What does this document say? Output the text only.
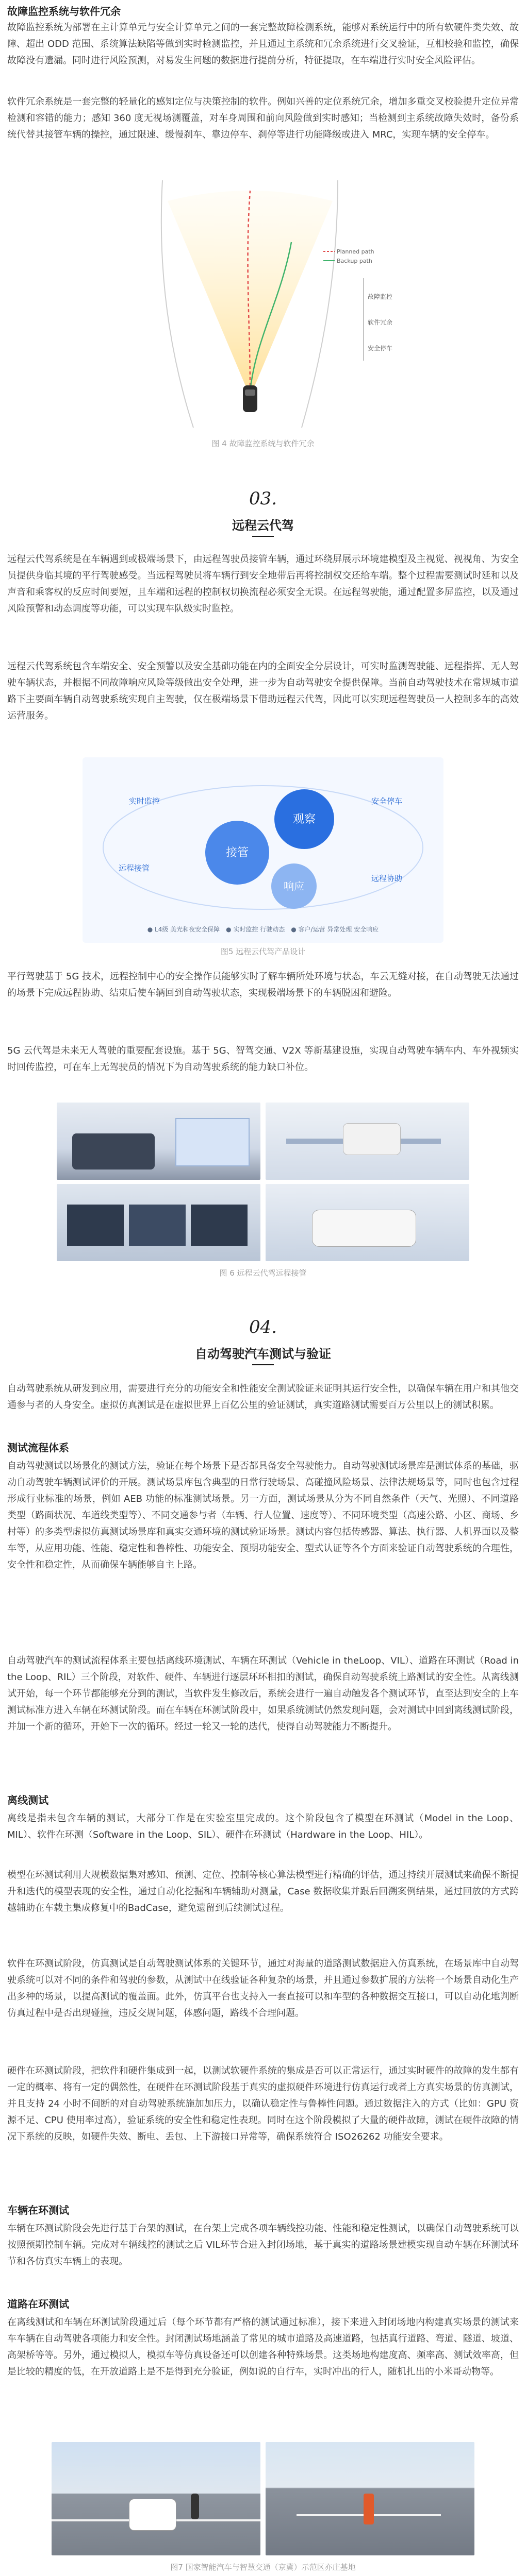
故障监控系统与软件冗余

故障监控系统为部署在主计算单元与安全计算单元之间的一套完整故障检测系统，能够对系统运行中的所有软硬件类失效、故障、超出 ODD 范围、系统算法缺陷等做到实时检测监控，并且通过主系统和冗余系统进行交叉验证，互相校验和监控，确保故障没有遗漏。同时进行风险预测，对易发生问题的数据进行提前分析，特征提取，在车端进行实时安全风险评估。

软件冗余系统是一套完整的轻量化的感知定位与决策控制的软件。例如兴善的定位系统冗余，增加多重交叉校验提升定位异常检测和容错的能力；感知 360 度无视场测覆盖，对车身周围和前向风险做到实时感知；当检测到主系统故障失效时，备份系统代替其接管车辆的操控，通过限速、缓慢刹车、靠边停车、刹停等进行功能降级或进入 MRC，实现车辆的安全停车。

Planned path
Backup path
故障监控
软件冗余
安全停车

图 4 故障监控系统与软件冗余

03.

远程云代驾

远程云代驾系统是在车辆遇到或极端场景下，由远程驾驶员接管车辆，通过环绕屏展示环境建模型及主视觉、视视角、为安全员提供身临其境的平行驾驶感受。当远程驾驶员将车辆行到安全地带后再将控制权交还给车端。整个过程需要测试时延和以及声音和乘客权的反应时间要短，且车端和远程的控制权切换流程必须安全无误。在远程驾驶能，通过配置多屏监控，以及通过风险预警和动态调度等功能，可以实现车队级实时监控。

远程云代驾系统包含车端安全、安全预警以及安全基础功能在内的全面安全分层设计，可实时监测驾驶能、远程指挥、无人驾驶车辆状态，并根据不同故障响应风险等级做出安全处理，进一步为自动驾驶安全提供保障。当前自动驾驶技术在常规城市道路下主要面车辆自动驾驶系统实现自主驾驶，仅在极端场景下借助远程云代驾，因此可以实现远程驾驶员一人控制多车的高效运营服务。

观察
接管
响应
实时监控
远程接管
安全停车
远程协助
● L4级 美光和夜安全保障　● 实时监控 行驶动态　● 客户/运营 异常处理 安全响应

图5 远程云代驾产品设计

平行驾驶基于 5G 技术，远程控制中心的安全操作员能够实时了解车辆所处环境与状态，车云无缝对接，在自动驾驶无法通过的场景下完成远程协助、结束后使车辆回到自动驾驶状态，实现极端场景下的车辆脱困和避险。

5G 云代驾是未来无人驾驶的重要配套设施。基于 5G、智驾交通、V2X 等新基建设施，实现自动驾驶车辆车内、车外视频实时回传监控，可在车上无驾驶员的情况下为自动驾驶系统的能力缺口补位。

图 6 远程云代驾远程接管

04.

自动驾驶汽车测试与验证

自动驾驶系统从研发到应用，需要进行充分的功能安全和性能安全测试验证来证明其运行安全性，以确保车辆在用户和其他交通参与者的人身安全。虚拟仿真测试是在虚拟世界上百亿公里的验证测试，真实道路测试需要百万公里以上的测试积累。

测试流程体系

自动驾驶测试以场景化的测试方法，验证在每个场景下是否都具备安全驾驶能力。自动驾驶测试场景库是测试体系的基础，驱动自动驾驶车辆测试评价的开展。测试场景库包含典型的日常行驶场景、高碰撞风险场景、法律法规场景等，同时也包含过程形成行业标准的场景，例如 AEB 功能的标准测试场景。另一方面，测试场景从分为不同自然条件（天气、光照）、不同道路类型（路面状况、车道线类型等）、不同交通参与者（车辆、行人位置、速度等）、不同环境类型（高速公路、小区、商场、乡村等）的多类型虚拟仿真测试场景库和真实交通环境的测试验证场景。测试内容包括传感器、算法、执行器、人机界面以及整车等，从应用功能、性能、稳定性和鲁棒性、功能安全、预期功能安全、型式认证等各个方面来验证自动驾驶系统的合理性，安全性和稳定性，从而确保车辆能够自主上路。

自动驾驶汽车的测试流程体系主要包括离线环境测试、车辆在环测试（Vehicle in theLoop、VIL）、道路在环测试（Road in the Loop、RIL）三个阶段，对软件、硬件、车辆进行逐层环环相扣的测试，确保自动驾驶系统上路测试的安全性。从离线测试开始，每一个环节都能够充分到的测试，当软件发生修改后，系统会进行一遍自动触发各个测试环节，直至达到安全的上车测试标准方进入车辆在环测试阶段。而在车辆在环测试阶段中，如果系统测试仍然发现问题，会对测试中回到离线测试阶段，并加一个新的循环，开始下一次的循环。经过一轮又一轮的迭代，使得自动驾驶能力不断提升。

离线测试

离线是指未包含车辆的测试，大部分工作是在实验室里完成的。这个阶段包含了模型在环测试（Model in the Loop、MIL）、软件在环测（Software in the Loop、SIL）、硬件在环测试（Hardware in the Loop、HIL）。

模型在环测试利用大规模数据集对感知、预测、定位、控制等核心算法模型进行精确的评估，通过持续开展测试来确保不断提升和迭代的模型表现的安全性，通过自动化挖掘和车辆辅助对测量，Case 数据收集并跟后回溯案例结果，通过回放的方式跨越辅助在车载主集成修复中的BadCase，避免遗留到后续测试过程。

软件在环测试阶段，仿真测试是自动驾驶测试体系的关键环节，通过对海量的道路测试数据进入仿真系统，在场景库中自动驾驶系统可以对不同的条件和驾驶的参数，从测试中在线验证各种复杂的场景，并且通过参数扩展的方法将一个场景自动化生产出多种的场景，以提高测试的覆盖面。此外，仿真平台也支持入一套直接可以和车型的各种数据交互接口，可以自动化地判断仿真过程中是否出现碰撞，违反交规问题，体感问题，路线不合理问题。

硬件在环测试阶段，把软件和硬件集成到一起，以测试软硬件系统的集成是否可以正常运行，通过实时硬件的故障的发生都有一定的概率、将有一定的偶然性，在硬件在环测试阶段基于真实的虚拟硬件环境进行仿真运行或者上方真实场景的仿真测试，并且支持 24 小时不间断的对自动驾驶系统施加加压力，以确认稳定性与鲁棒性问题。通过数据注入的方式（比如：GPU 资源不足、CPU 使用率过高），验证系统的安全性和稳定性表现。同时在这个阶段模拟了大量的硬件故障，测试在硬件故障的情况下系统的反映，如硬件失效、断电、丢包、上下游接口异常等，确保系统符合 ISO26262 功能安全要求。

车辆在环测试

车辆在环测试阶段会先进行基于台架的测试，在台架上完成各项车辆线控功能、性能和稳定性测试，以确保自动驾驶系统可以按照预期控制车辆。完成对车辆线控的测试之后 VIL环节合进入封闭场地，基于真实的道路场景建模实现自动车辆在环测试环节和各仿真实车辆上的表现。

道路在环测试

在离线测试和车辆在环测试阶段通过后（每个环节都有严格的测试通过标准），接下来进入封闭场地内构建真实场景的测试来车车辆在自动驾驶各项能力和安全性。封闭测试场地涵盖了常见的城市道路及高速道路，包括真行道路、弯道、隧道、坡道、高架桥等等。另外，通过模拟人，模拟车等仿真设备还可以创建各种特殊场景。这类场地构建度高、频率高、测试效率高，但是比较的精度的低，在开放道路上是不是得到充分验证，例如说的自行车，实时冲出的行人，随机扎出的小米哥动物等。

图7 国家智能汽车与智慧交通（京冀）示范区亦庄基地
